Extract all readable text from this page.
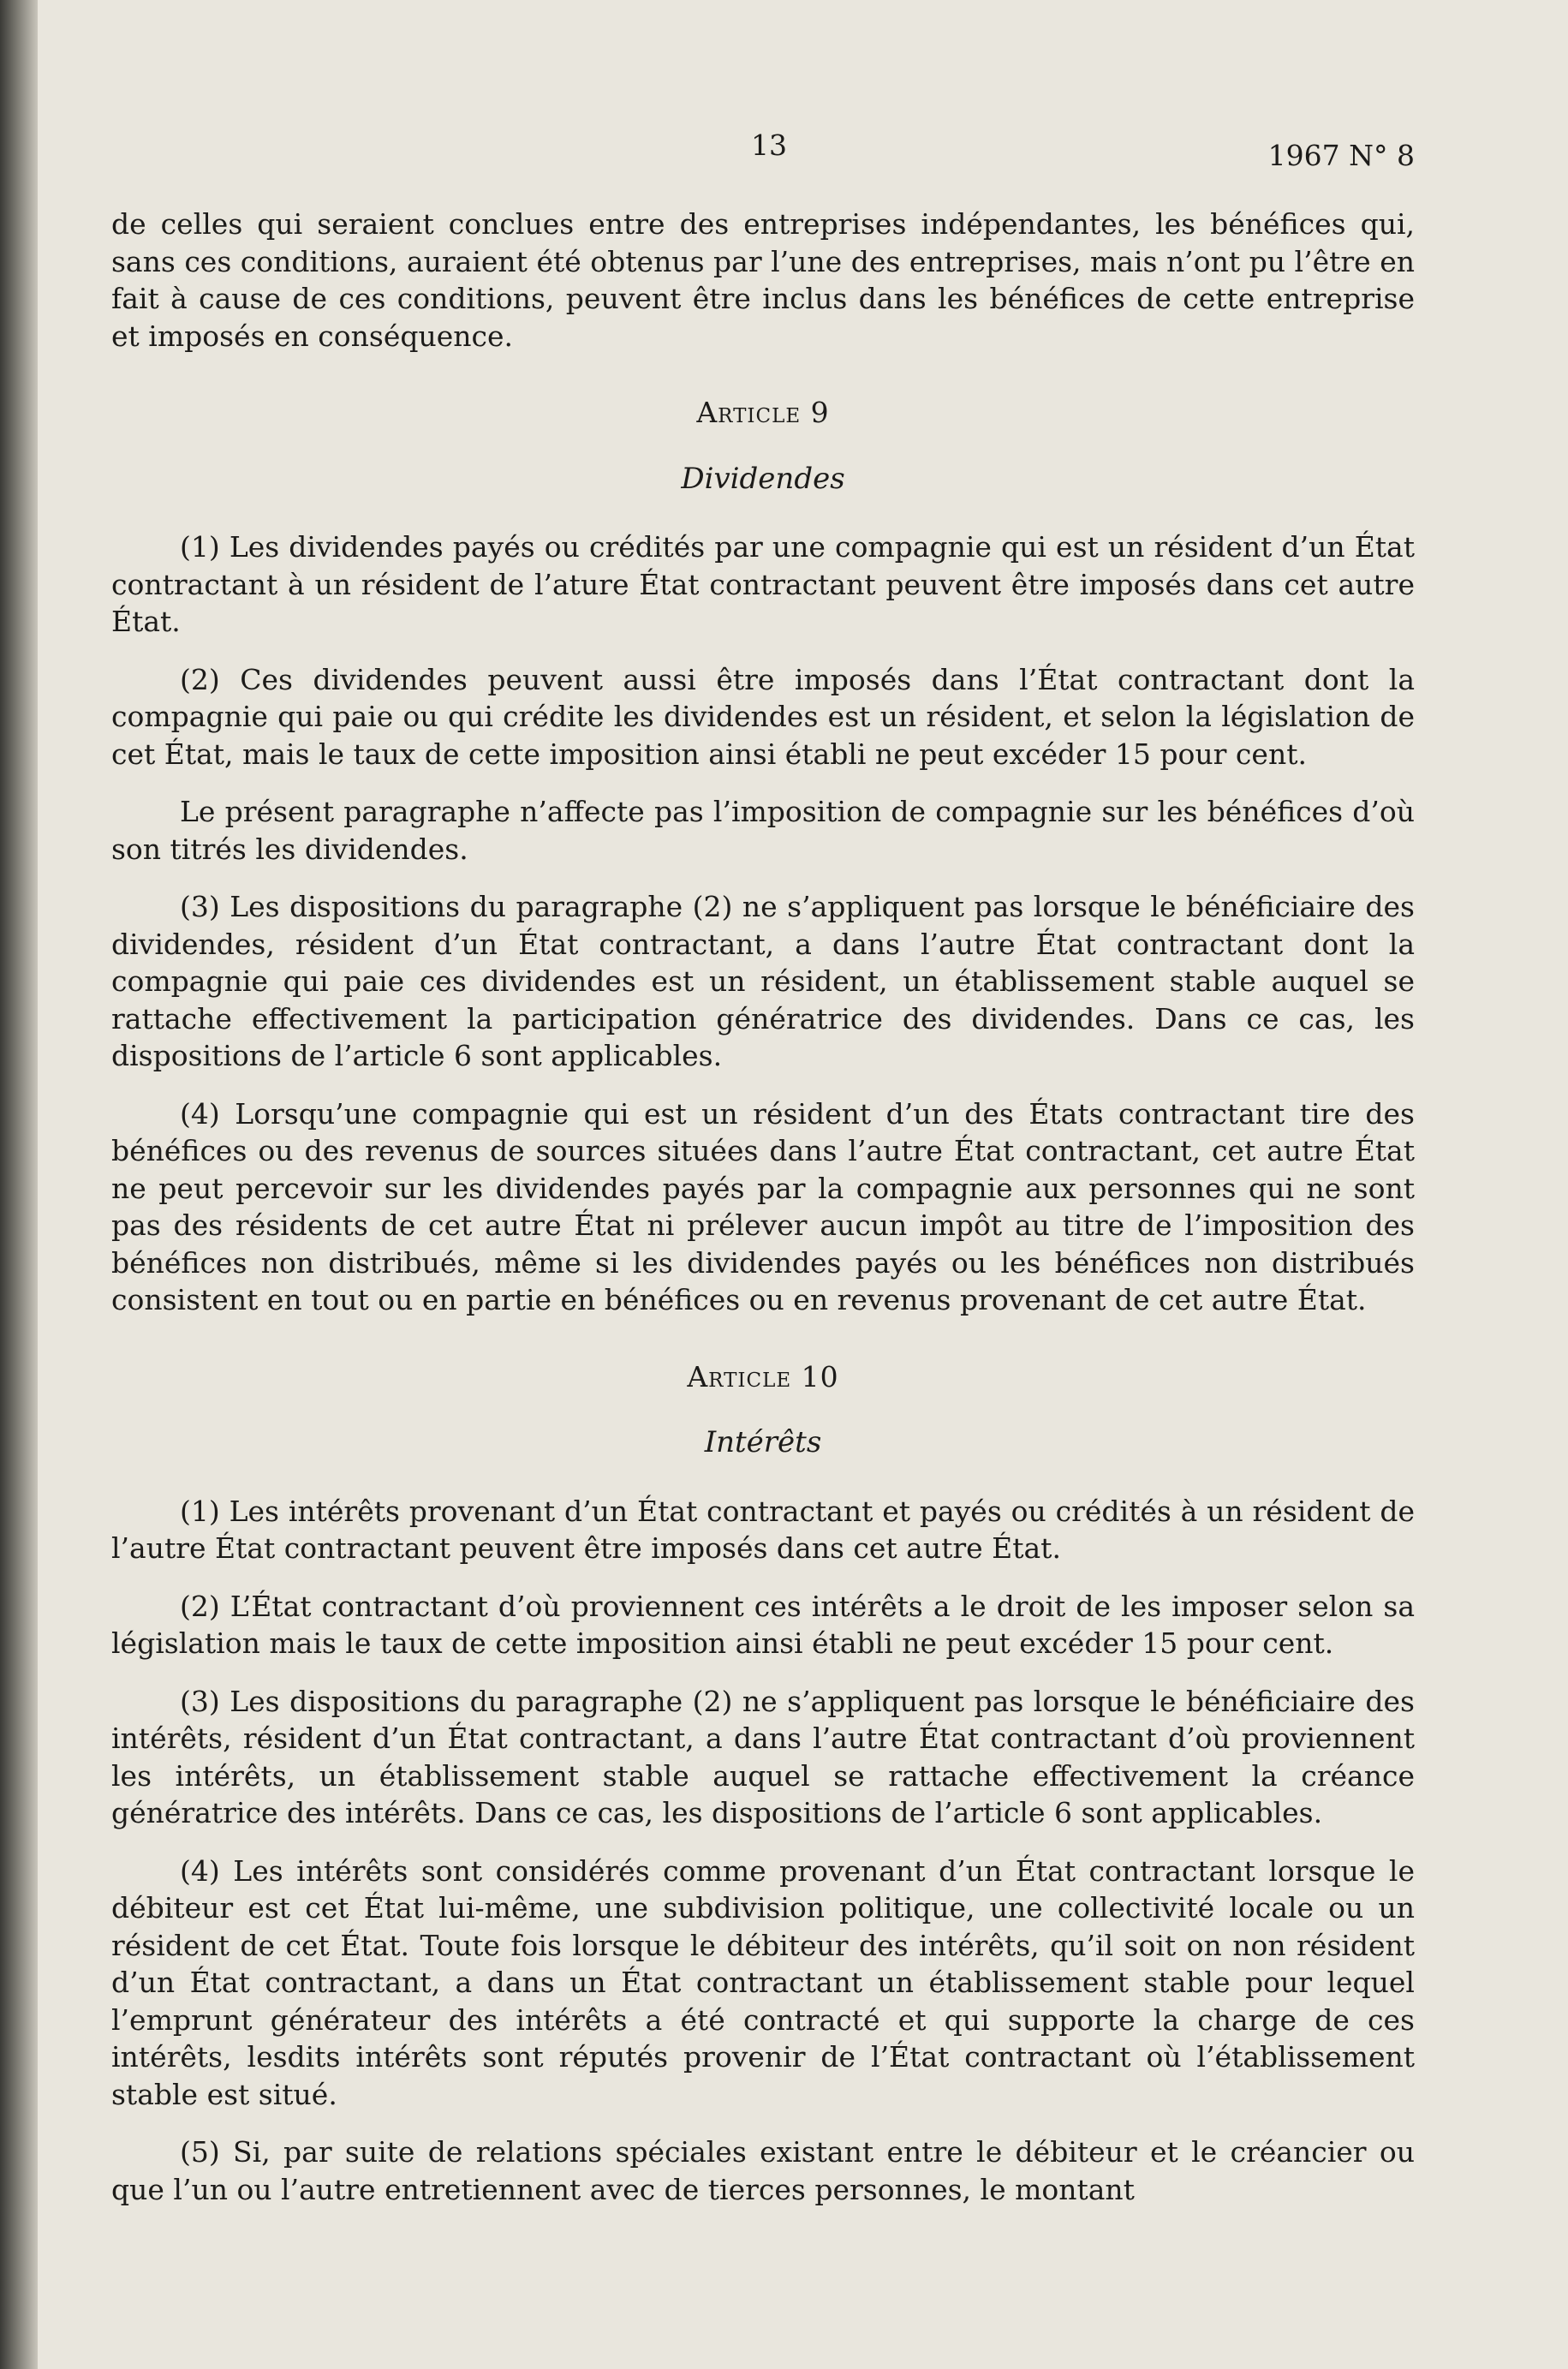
13	1967 N° 8

de celles qui seraient conclues entre des entreprises indépendantes, les bénéfices qui, sans ces conditions, auraient été obtenus par l’une des entreprises, mais n’ont pu l’être en fait à cause de ces conditions, peuvent être inclus dans les bénéfices de cette entreprise et imposés en conséquence.

Article 9
Dividendes

(1) Les dividendes payés ou crédités par une compagnie qui est un résident d’un État contractant à un résident de l’ature État contractant peuvent être imposés dans cet autre État.

(2) Ces dividendes peuvent aussi être imposés dans l’État contractant dont la compagnie qui paie ou qui crédite les dividendes est un résident, et selon la législation de cet État, mais le taux de cette imposition ainsi établi ne peut excéder 15 pour cent.

Le présent paragraphe n’affecte pas l’imposition de compagnie sur les bénéfices d’où son titrés les dividendes.

(3) Les dispositions du paragraphe (2) ne s’appliquent pas lorsque le bénéficiaire des dividendes, résident d’un État contractant, a dans l’autre État contractant dont la compagnie qui paie ces dividendes est un résident, un établissement stable auquel se rattache effectivement la participation génératrice des dividendes. Dans ce cas, les dispositions de l’article 6 sont applicables.

(4) Lorsqu’une compagnie qui est un résident d’un des États contractant tire des bénéfices ou des revenus de sources situées dans l’autre État contractant, cet autre État ne peut percevoir sur les dividendes payés par la compagnie aux personnes qui ne sont pas des résidents de cet autre État ni prélever aucun impôt au titre de l’imposition des bénéfices non distribués, même si les dividendes payés ou les bénéfices non distribués consistent en tout ou en partie en bénéfices ou en revenus provenant de cet autre État.

Article 10
Intérêts

(1) Les intérêts provenant d’un État contractant et payés ou crédités à un résident de l’autre État contractant peuvent être imposés dans cet autre État.

(2) L’État contractant d’où proviennent ces intérêts a le droit de les imposer selon sa législation mais le taux de cette imposition ainsi établi ne peut excéder 15 pour cent.

(3) Les dispositions du paragraphe (2) ne s’appliquent pas lorsque le bénéficiaire des intérêts, résident d’un État contractant, a dans l’autre État contractant d’où proviennent les intérêts, un établissement stable auquel se rattache effectivement la créance génératrice des intérêts. Dans ce cas, les dispositions de l’article 6 sont applicables.

(4) Les intérêts sont considérés comme provenant d’un État contractant lorsque le débiteur est cet État lui-même, une subdivision politique, une collectivité locale ou un résident de cet État. Toute fois lorsque le débiteur des intérêts, qu’il soit on non résident d’un État contractant, a dans un État contractant un établissement stable pour lequel l’emprunt générateur des intérêts a été contracté et qui supporte la charge de ces intérêts, lesdits intérêts sont réputés provenir de l’État contractant où l’établissement stable est situé.

(5) Si, par suite de relations spéciales existant entre le débiteur et le créancier ou que l’un ou l’autre entretiennent avec de tierces personnes, le montant
